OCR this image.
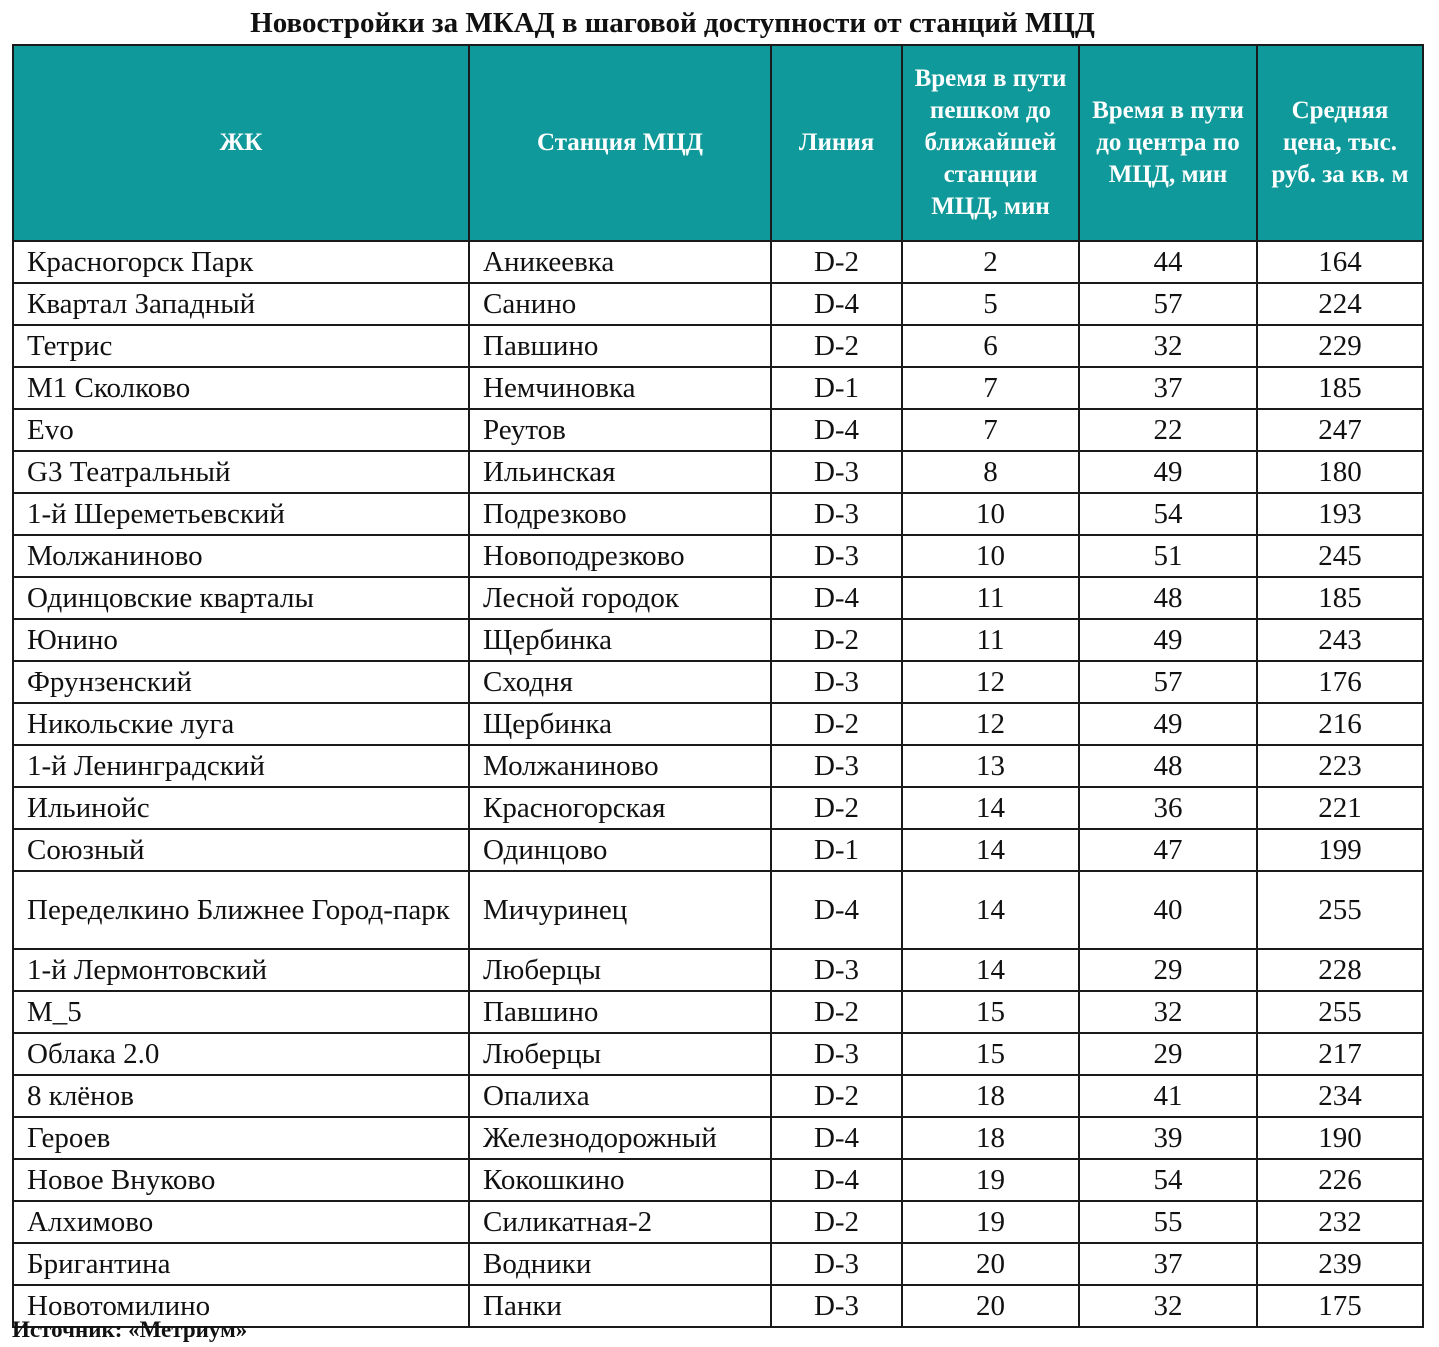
Новостройки за МКАД в шаговой доступности от станций МЦД
ЖК	Станция МЦД	Линия	Время в пути пешком до ближайшей станции МЦД, мин	Время в пути до центра по МЦД, мин	Средняя цена, тыс. руб. за кв. м
Красногорск Парк	Аникеевка	D-2	2	44	164
Квартал Западный	Санино	D-4	5	57	224
Тетрис	Павшино	D-2	6	32	229
М1 Сколково	Немчиновка	D-1	7	37	185
Evo	Реутов	D-4	7	22	247
G3 Театральный	Ильинская	D-3	8	49	180
1-й Шереметьевский	Подрезково	D-3	10	54	193
Молжаниново	Новоподрезково	D-3	10	51	245
Одинцовские кварталы	Лесной городок	D-4	11	48	185
Юнино	Щербинка	D-2	11	49	243
Фрунзенский	Сходня	D-3	12	57	176
Никольские луга	Щербинка	D-2	12	49	216
1-й Ленинградский	Молжаниново	D-3	13	48	223
Ильинойс	Красногорская	D-2	14	36	221
Союзный	Одинцово	D-1	14	47	199
Переделкино Ближнее Город-парк	Мичуринец	D-4	14	40	255
1-й Лермонтовский	Люберцы	D-3	14	29	228
М_5	Павшино	D-2	15	32	255
Облака 2.0	Люберцы	D-3	15	29	217
8 клёнов	Опалиха	D-2	18	41	234
Героев	Железнодорожный	D-4	18	39	190
Новое Внуково	Кокошкино	D-4	19	54	226
Алхимово	Силикатная-2	D-2	19	55	232
Бригантина	Водники	D-3	20	37	239
Новотомилино	Панки	D-3	20	32	175
Источник: «Метриум»
